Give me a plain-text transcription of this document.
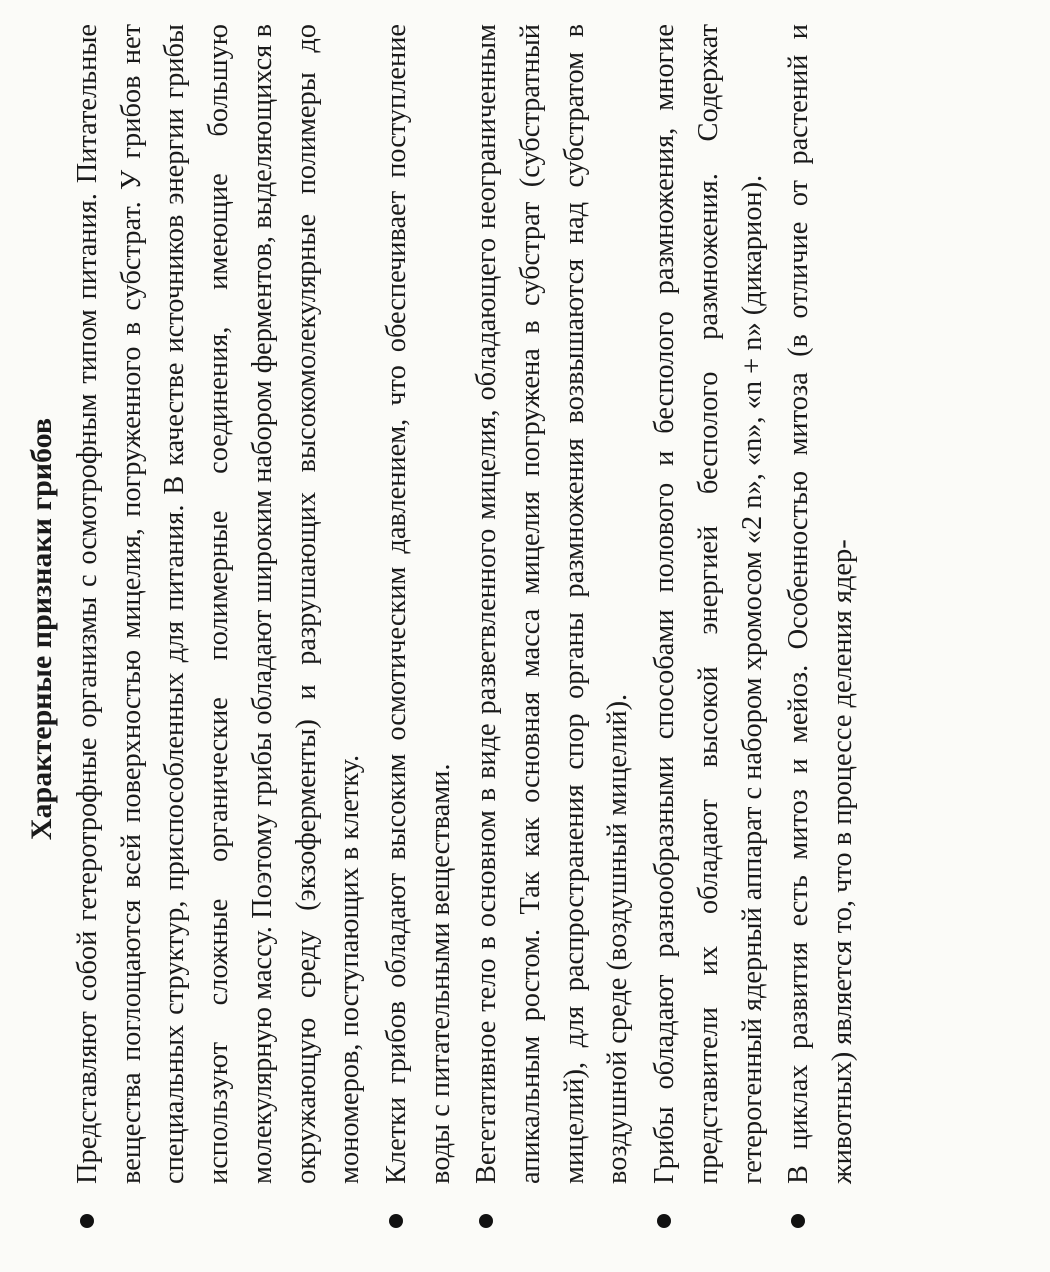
Характерные признаки грибов Представляют собой гетеротрофные организмы с осмотрофным типом питания. Питательные вещества поглощаются всей поверхностью мицелия, погруженного в субстрат. У грибов нет специальных структур, приспособленных для питания. В качестве источников энергии грибы используют сложные органические полимерные соединения, имеющие большую молекулярную массу. Поэтому грибы обладают широким набором ферментов, выделяющихся в окружающую среду (экзоферменты) и разрушающих высокомолекулярные полимеры до мономеров, поступающих в клетку. Клетки грибов обладают высоким осмотическим давлением, что обеспечивает поступление воды с питательными веществами. Вегетативное тело в основном в виде разветвленного мицелия, обладающего неограниченным апикальным ростом. Так как основная масса мицелия погружена в субстрат (субстратный мицелий), для распространения спор органы размножения возвышаются над субстратом в воздушной среде (воздушный мицелий). Грибы обладают разнообразными способами полового и бесполого размножения, многие представители их обладают высокой энергией бесполого размножения. Содержат гетерогенный ядерный аппарат с набором хромосом «2 n», «n», «n + n» (дикарион). В циклах развития есть митоз и мейоз. Особенностью митоза (в отличие от растений и животных) является то, что в процессе деления ядер-
